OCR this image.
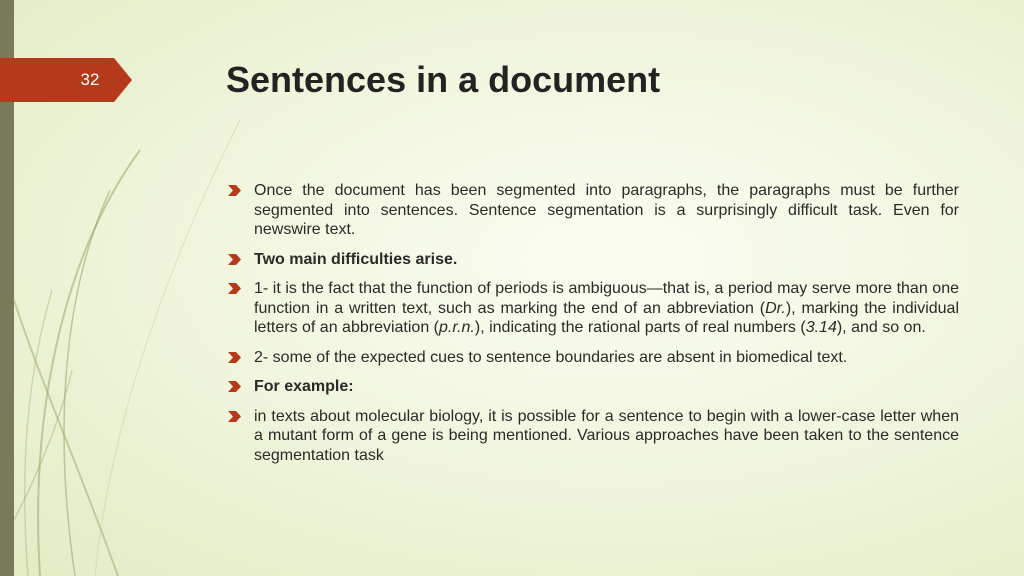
32	Sentences in a document
Once the document has been segmented into paragraphs, the paragraphs must be further segmented into sentences. Sentence segmentation is a surprisingly difficult task. Even for newswire text.
Two main difficulties arise.
1- it is the fact that the function of periods is ambiguous—that is, a period may serve more than one function in a written text, such as marking the end of an abbreviation (Dr.), marking the individual letters of an abbreviation (p.r.n.), indicating the rational parts of real numbers (3.14), and so on.
2- some of the expected cues to sentence boundaries are absent in biomedical text.
For example:
in texts about molecular biology, it is possible for a sentence to begin with a lower-case letter when a mutant form of a gene is being mentioned. Various approaches have been taken to the sentence segmentation task
